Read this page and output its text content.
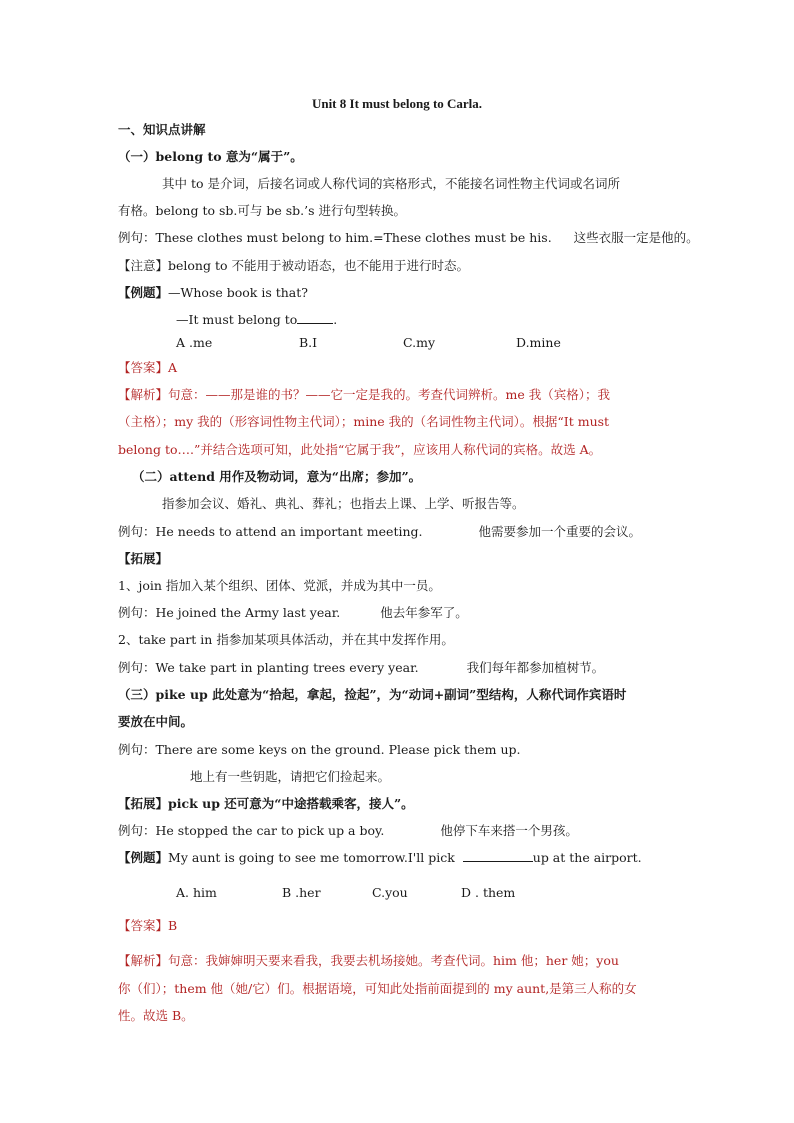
Unit 8 It must belong to Carla.
一、知识点讲解
（一）belong to 意为“属于”。
其中 to 是介词，后接名词或人称代词的宾格形式，不能接名词性物主代词或名词所
有格。belong to sb.可与 be sb.’s 进行句型转换。
例句：These clothes must belong to him.=These clothes must be his. 这些衣服一定是他的。
【注意】belong to 不能用于被动语态，也不能用于进行时态。
【例题】—Whose book is that?
—It must belong to	.
A .me	B.I	C.my	D.mine
【答案】A
【解析】句意：——那是谁的书？——它一定是我的。考查代词辨析。me 我（宾格）；我
（主格）；my 我的（形容词性物主代词）；mine 我的（名词性物主代词）。根据“It must
belong to….”并结合选项可知，此处指“它属于我”，应该用人称代词的宾格。故选 A。
（二）attend 用作及物动词，意为“出席；参加”。
指参加会议、婚礼、典礼、葬礼；也指去上课、上学、听报告等。
例句：He needs to attend an important meeting.	他需要参加一个重要的会议。
【拓展】
1、join 指加入某个组织、团体、党派，并成为其中一员。
例句：He joined the Army last year.	他去年参军了。
2、take part in 指参加某项具体活动，并在其中发挥作用。
例句：We take part in planting trees every year.	我们每年都参加植树节。
（三）pike up 此处意为“拾起，拿起，捡起”，为“动词+副词”型结构，人称代词作宾语时
要放在中间。
例句：There are some keys on the ground. Please pick them up.
地上有一些钥匙，请把它们捡起来。
【拓展】pick up 还可意为“中途搭载乘客，接人”。
例句：He stopped the car to pick up a boy.	他停下车来搭一个男孩。
【例题】My aunt is going to see me tomorrow.I'll pick	up at the airport.
A. him	B .her	C.you	D . them
【答案】B
【解析】句意：我婶婶明天要来看我，我要去机场接她。考查代词。him 他；her 她；you
你（们）；them 他（她/它）们。根据语境，可知此处指前面提到的 my aunt,是第三人称的女
性。故选 B。
